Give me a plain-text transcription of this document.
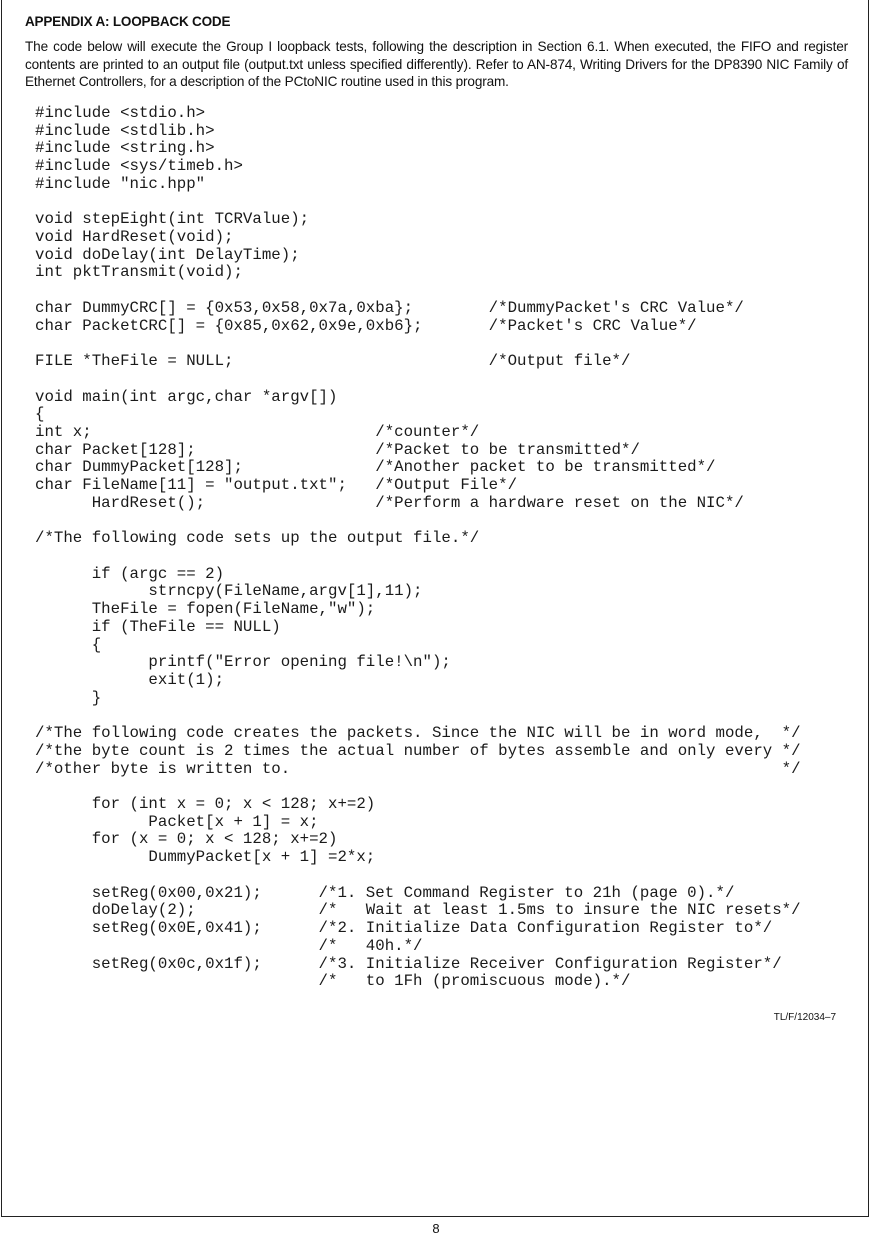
APPENDIX A: LOOPBACK CODE
The code below will execute the Group I loopback tests, following the description in Section 6.1. When executed, the FIFO and register contents are printed to an output file (output.txt unless specified differently). Refer to AN-874, Writing Drivers for the DP8390 NIC Family of Ethernet Controllers, for a description of the PCtoNIC routine used in this program.
#include <stdio.h>
#include <stdlib.h>
#include <string.h>
#include <sys/timeb.h>
#include "nic.hpp"
void stepEight(int TCRValue);
void HardReset(void);
void doDelay(int DelayTime);
int pktTransmit(void);
char DummyCRC[] = {0x53,0x58,0x7a,0xba};        /*DummyPacket's CRC Value*/
char PacketCRC[] = {0x85,0x62,0x9e,0xb6};       /*Packet's CRC Value*/
FILE *TheFile = NULL;                           /*Output file*/
void main(int argc,char *argv[])
{
int x;                              /*counter*/
char Packet[128];                   /*Packet to be transmitted*/
char DummyPacket[128];              /*Another packet to be transmitted*/
char FileName[11] = "output.txt";   /*Output File*/
HardReset();                  /*Perform a hardware reset on the NIC*/
/*The following code sets up the output file.*/
if (argc == 2)
strncpy(FileName,argv[1],11);
TheFile = fopen(FileName,"w");
if (TheFile == NULL)
{
printf("Error opening file!\n");
exit(1);
}
/*The following code creates the packets. Since the NIC will be in word mode,  */
/*the byte count is 2 times the actual number of bytes assemble and only every */
/*other byte is written to.                                                    */
for (int x = 0; x < 128; x+=2)
Packet[x + 1] = x;
for (x = 0; x < 128; x+=2)
DummyPacket[x + 1] =2*x;
setReg(0x00,0x21);      /*1. Set Command Register to 21h (page 0).*/
doDelay(2);             /*   Wait at least 1.5ms to insure the NIC resets*/
setReg(0x0E,0x41);      /*2. Initialize Data Configuration Register to*/
/*   40h.*/
setReg(0x0c,0x1f);      /*3. Initialize Receiver Configuration Register*/
/*   to 1Fh (promiscuous mode).*/
TL/F/12034–7
8
